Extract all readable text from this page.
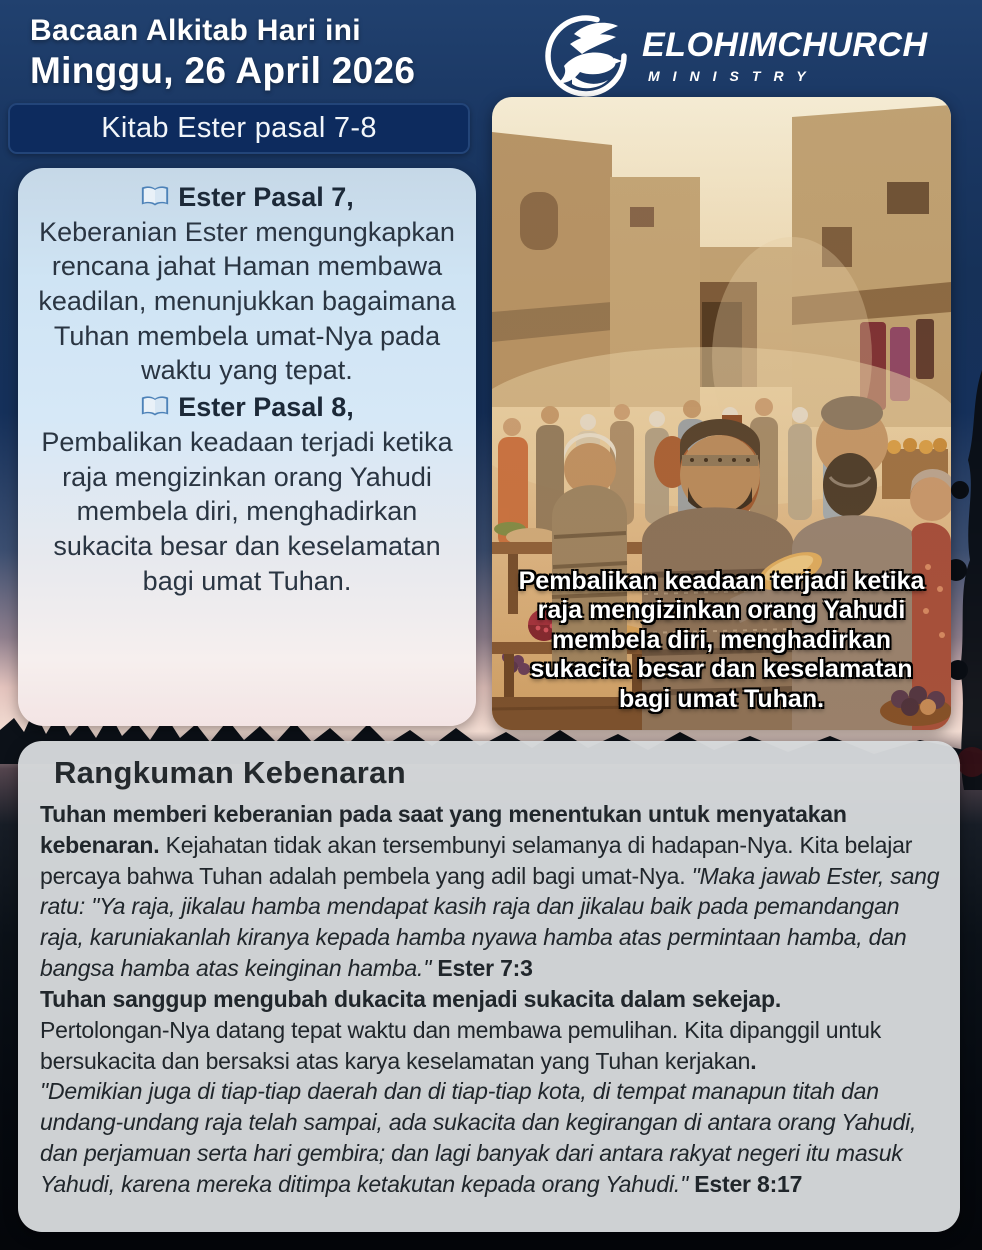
Bacaan Alkitab Hari ini
Minggu, 26 April 2026
ELOHIMCHURCH
MINISTRY
Kitab Ester pasal 7-8
Ester Pasal 7,
Keberanian Ester mengungkapkan rencana jahat Haman membawa keadilan, menunjukkan bagaimana Tuhan membela umat-Nya pada waktu yang tepat.
Ester Pasal 8,
Pembalikan keadaan terjadi ketika raja mengizinkan orang Yahudi membela diri, menghadirkan sukacita besar dan keselamatan bagi umat Tuhan.	Pembalikan keadaan terjadi ketika raja mengizinkan orang Yahudi membela diri, menghadirkan sukacita besar dan keselamatan bagi umat Tuhan.
Rangkuman Kebenaran

Tuhan memberi keberanian pada saat yang menentukan untuk menyatakan kebenaran. Kejahatan tidak akan tersembunyi selamanya di hadapan-Nya. Kita belajar percaya bahwa Tuhan adalah pembela yang adil bagi umat-Nya. "Maka jawab Ester, sang ratu: "Ya raja, jikalau hamba mendapat kasih raja dan jikalau baik pada pemandangan raja, karuniakanlah kiranya kepada hamba nyawa hamba atas permintaan hamba, dan bangsa hamba atas keinginan hamba." Ester 7:3
Tuhan sanggup mengubah dukacita menjadi sukacita dalam sekejap.
Pertolongan-Nya datang tepat waktu dan membawa pemulihan. Kita dipanggil untuk bersukacita dan bersaksi atas karya keselamatan yang Tuhan kerjakan.
"Demikian juga di tiap-tiap daerah dan di tiap-tiap kota, di tempat manapun titah dan undang-undang raja telah sampai, ada sukacita dan kegirangan di antara orang Yahudi, dan perjamuan serta hari gembira; dan lagi banyak dari antara rakyat negeri itu masuk Yahudi, karena mereka ditimpa ketakutan kepada orang Yahudi." Ester 8:17
